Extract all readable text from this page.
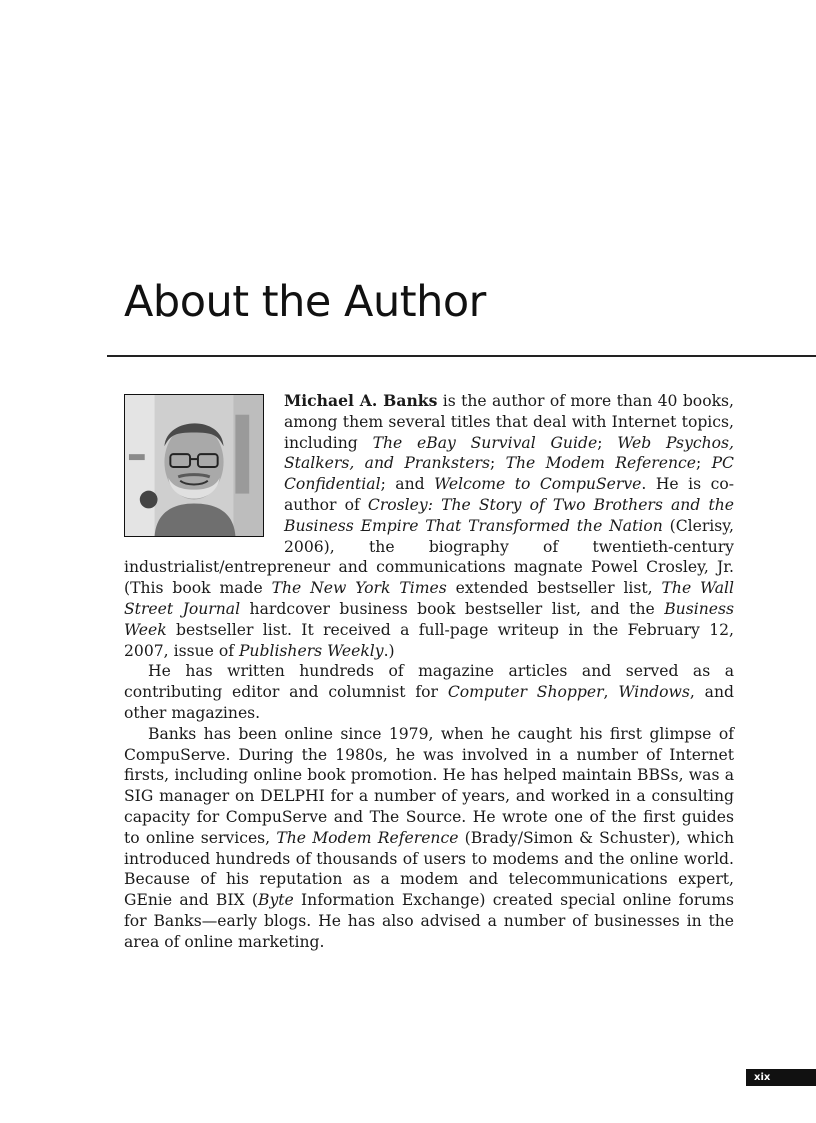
About the Author

Michael A. Banks is the author of more than 40 books, among them several titles that deal with Internet topics, including The eBay Survival Guide; Web Psychos, Stalkers, and Pranksters; The Modem Reference; PC Confidential; and Welcome to CompuServe. He is co-author of Crosley: The Story of Two Brothers and the Business Empire That Transformed the Nation (Clerisy, 2006), the biography of twentieth-century industrialist/entrepreneur and communications magnate Powel Crosley, Jr. (This book made The New York Times extended bestseller list, The Wall Street Journal hardcover business book bestseller list, and the Business Week bestseller list. It received a full-page writeup in the February 12, 2007, issue of Publishers Weekly.)

He has written hundreds of magazine articles and served as a contributing editor and columnist for Computer Shopper, Windows, and other magazines.

Banks has been online since 1979, when he caught his first glimpse of CompuServe. During the 1980s, he was involved in a number of Internet firsts, including online book promotion. He has helped maintain BBSs, was a SIG manager on DELPHI for a number of years, and worked in a consulting capacity for CompuServe and The Source. He wrote one of the first guides to online services, The Modem Reference (Brady/Simon & Schuster), which introduced hundreds of thousands of users to modems and the online world. Because of his reputation as a modem and telecommunications expert, GEnie and BIX (Byte Information Exchange) created special online forums for Banks—early blogs. He has also advised a number of businesses in the area of online marketing.

xix
